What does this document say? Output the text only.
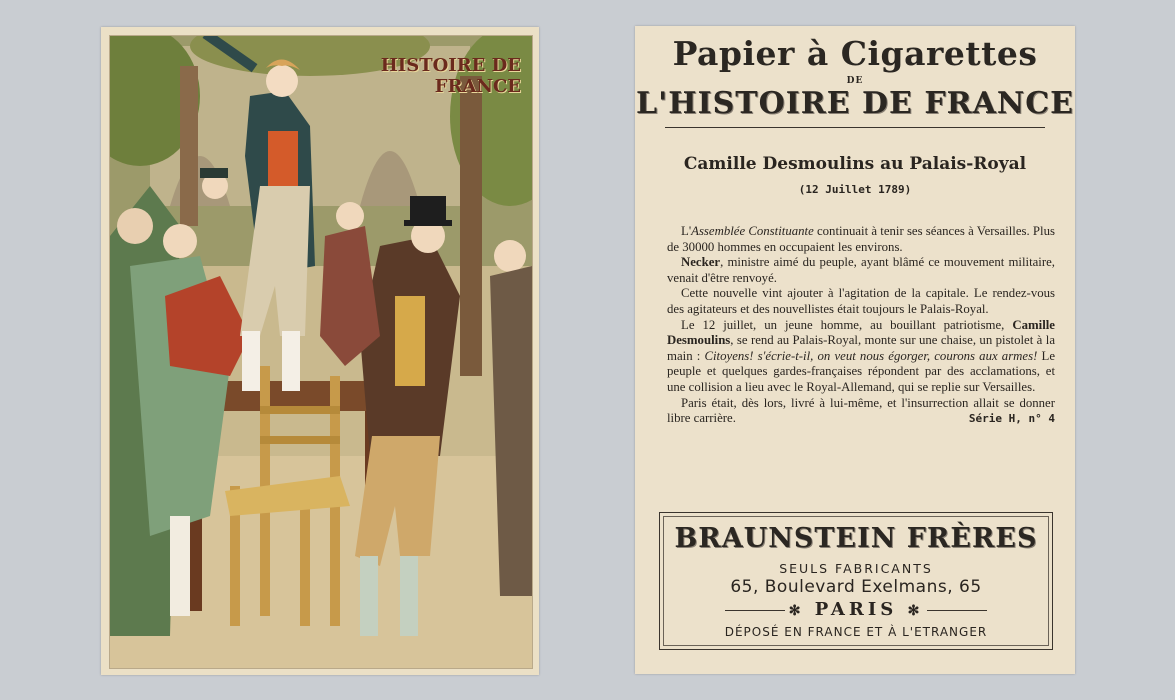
HISTOIRE DE FRANCE
Papier à Cigarettes
DE
L'HISTOIRE DE FRANCE
Camille Desmoulins au Palais-Royal
(12 Juillet 1789)

L'Assemblée Constituante continuait à tenir ses séances à Versailles. Plus de 30000 hommes en occupaient les environs.

Necker, ministre aimé du peuple, ayant blâmé ce mouvement militaire, venait d'être renvoyé.

Cette nouvelle vint ajouter à l'agitation de la capitale. Le rendez-vous des agitateurs et des nouvellistes était toujours le Palais-Royal.

Le 12 juillet, un jeune homme, au bouillant patriotisme, Camille Desmoulins, se rend au Palais-Royal, monte sur une chaise, un pistolet à la main : Citoyens! s'écrie-t-il, on veut nous égorger, courons aux armes! Le peuple et quelques gardes-françaises répondent par des acclamations, et une collision a lieu avec le Royal-Allemand, qui se replie sur Versailles.

Paris était, dès lors, livré à lui-même, et l'insurrection allait se donner libre carrière.	Série H, n° 4

BRAUNSTEIN FRÈRES
SEULS FABRICANTS
65, Boulevard Exelmans, 65
✻ PARIS ✻
DÉPOSÉ EN FRANCE ET À L'ETRANGER
